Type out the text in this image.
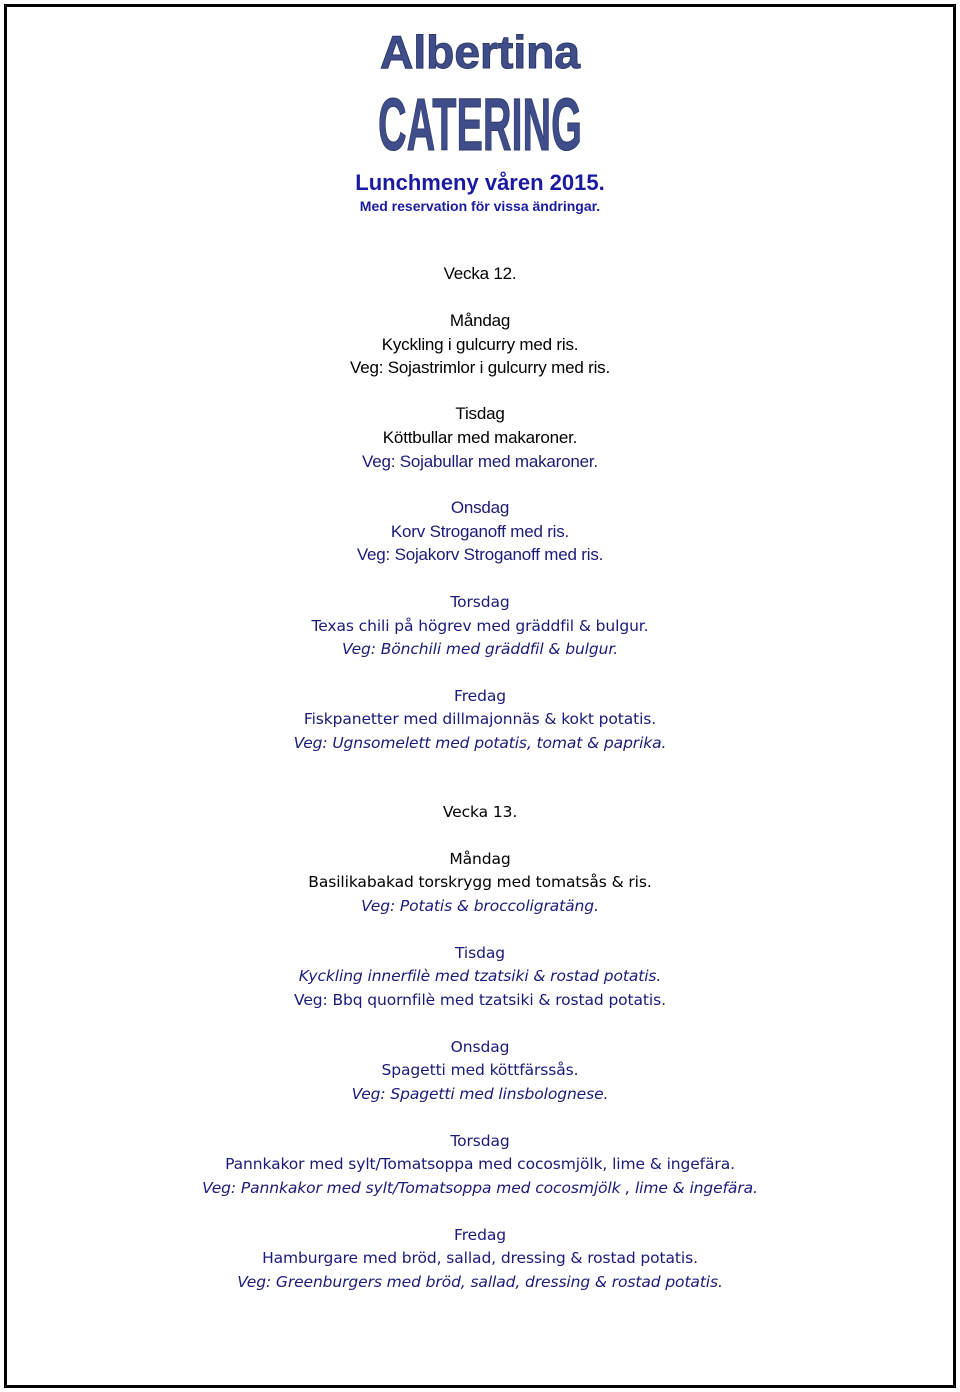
Albertina
CATERING
Lunchmeny våren 2015.
Med reservation för vissa ändringar.
Vecka 12.
Måndag
Kyckling i gulcurry med ris.
Veg: Sojastrimlor i gulcurry med ris.
Tisdag
Köttbullar med makaroner.
Veg: Sojabullar med makaroner.
Onsdag
Korv Stroganoff med ris.
Veg: Sojakorv Stroganoff med ris.
Torsdag
Texas chili på högrev med gräddfil & bulgur.
Veg: Bönchili med gräddfil & bulgur.
Fredag
Fiskpanetter med dillmajonnäs & kokt potatis.
Veg: Ugnsomelett med potatis, tomat & paprika.
Vecka 13.
Måndag
Basilikabakad torskrygg med tomatsås & ris.
Veg: Potatis & broccoligratäng.
Tisdag
Kyckling innerfilè med tzatsiki & rostad potatis.
Veg: Bbq quornfilè med tzatsiki & rostad potatis.
Onsdag
Spagetti med köttfärssås.
Veg: Spagetti med linsbolognese.
Torsdag
Pannkakor med sylt/Tomatsoppa med cocosmjölk, lime & ingefära.
Veg: Pannkakor med sylt/Tomatsoppa med cocosmjölk , lime & ingefära.
Fredag
Hamburgare med bröd, sallad, dressing & rostad potatis.
Veg: Greenburgers med bröd, sallad, dressing & rostad potatis.
